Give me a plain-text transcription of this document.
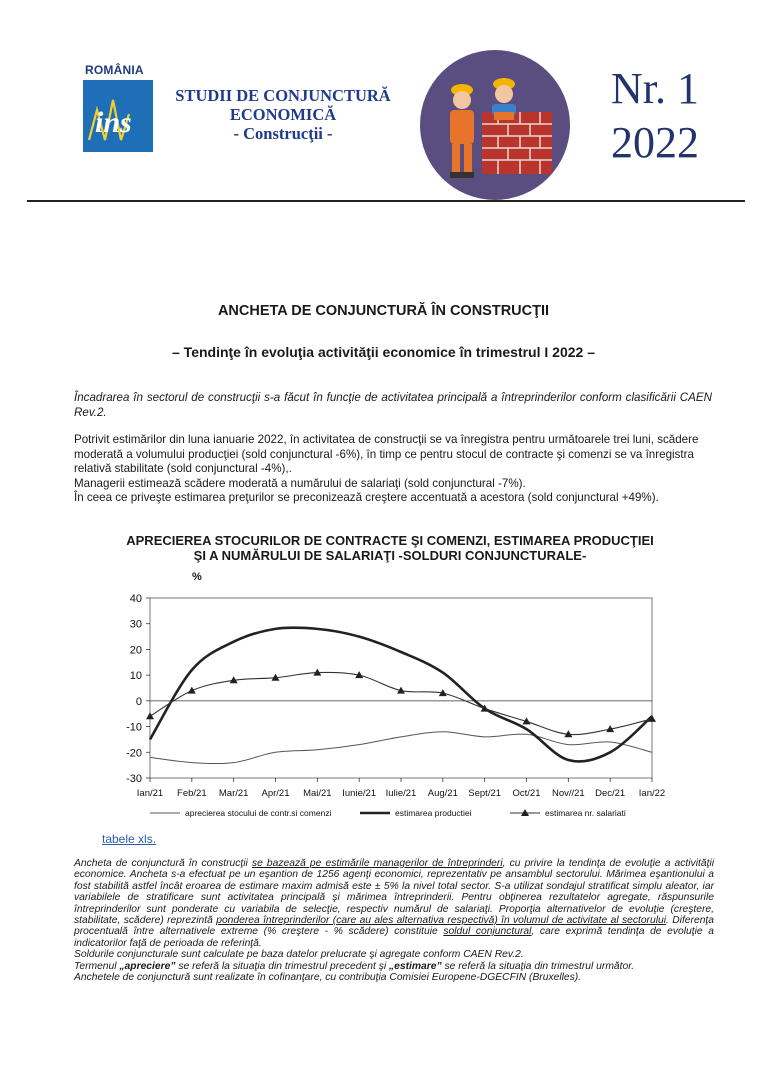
ROMÂNIA
ins
STUDII DE CONJUNCTURĂ
ECONOMICĂ
- Construcţii -
Nr. 1
2022
ANCHETA DE CONJUNCTURĂ ÎN CONSTRUCŢII
– Tendinţe în evoluţia activităţii economice în trimestrul I 2022 –
Încadrarea în sectorul de construcţii s-a făcut în funcţie de activitatea principală a întreprinderilor conform clasificării CAEN Rev.2.
Potrivit estimărilor din luna ianuarie 2022, în activitatea de construcţii se va înregistra pentru următoarele trei luni, scădere moderată a volumului producţiei (sold conjunctural -6%), în timp ce pentru stocul de contracte şi comenzi se va înregistra relativă stabilitate (sold conjunctural -4%),.
Managerii estimează scădere moderată a numărului de salariaţi (sold conjunctural -7%).
În ceea ce priveşte estimarea preţurilor se preconizează creştere accentuată a acestora (sold conjunctural +49%).
APRECIEREA STOCURILOR DE CONTRACTE ŞI COMENZI, ESTIMAREA PRODUCŢIEI
ŞI A NUMĂRULUI DE SALARIAŢI -SOLDURI CONJUNCTURALE-
%
40
30
20
10
0
-10
-20
-30
Ian/21 Feb/21 Mar/21 Apr/21 Mai/21 Iunie/21 Iulie/21 Aug/21 Sept/21 Oct/21 Nov//21 Dec/21 Ian/22
aprecierea stocului de contr.si comenzi	estimarea productiei	estimarea nr. salariati
tabele xls.
Ancheta de conjunctură în construcţii se bazează pe estimările managerilor de întreprinderi, cu privire la tendinţa de evoluţie a activităţii economice. Ancheta s-a efectuat pe un eşantion de 1256 agenţi economici, reprezentativ pe ansamblul sectorului. Mărimea eşantionului a fost stabilită astfel încât eroarea de estimare maxim admisă este ± 5% la nivel total sector. S-a utilizat sondajul stratificat simplu aleator, iar variabilele de stratificare sunt activitatea principală şi mărimea întreprinderii. Pentru obţinerea rezultatelor agregate, răspunsurile întreprinderilor sunt ponderate cu variabila de selecţie, respectiv numărul de salariaţi. Proporţia alternativelor de evoluţie (creştere, stabilitate, scădere) reprezintă ponderea întreprinderilor (care au ales alternativa respectivă) în volumul de activitate al sectorului. Diferenţa procentuală între alternativele extreme (% creştere - % scădere) constituie soldul conjunctural, care exprimă tendinţa de evoluţie a indicatorilor faţă de perioada de referinţă.
Soldurile conjuncturale sunt calculate pe baza datelor prelucrate şi agregate conform CAEN Rev.2.
Termenul „apreciere” se referă la situaţia din trimestrul precedent şi „estimare” se referă la situaţia din trimestrul următor.
Anchetele de conjunctură sunt realizate în cofinanţare, cu contribuţia Comisiei Europene-DGECFIN (Bruxelles).
